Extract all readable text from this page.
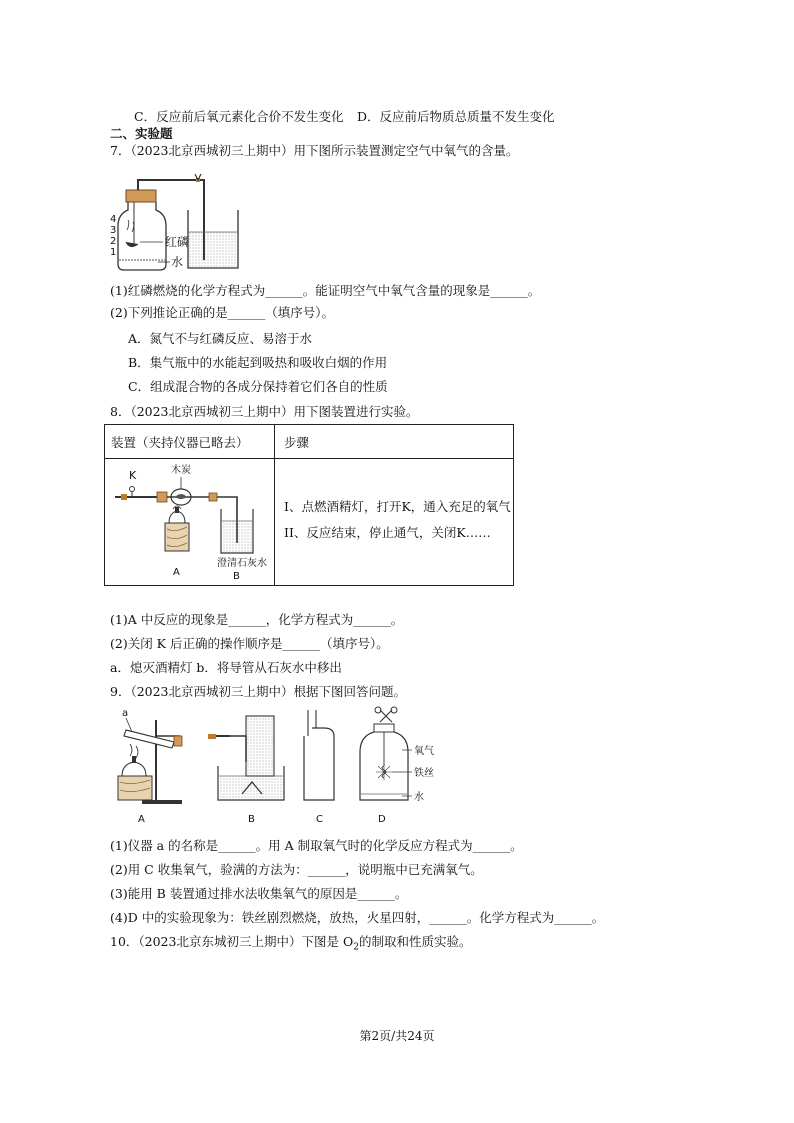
C．反应前后氧元素化合价不发生变化 D．反应前后物质总质量不发生变化
二、实验题
7．（2023北京西城初三上期中）用下图所示装置测定空气中氧气的含量。
红磷
水
4
3
2
1
(1)红磷燃烧的化学方程式为______。能证明空气中氧气含量的现象是______。
(2)下列推论正确的是______（填序号）。
A．氮气不与红磷反应、易溶于水
B．集气瓶中的水能起到吸热和吸收白烟的作用
C．组成混合物的各成分保持着它们各自的性质
8．（2023北京西城初三上期中）用下图装置进行实验。
装置（夹持仪器已略去）	步骤
K	木炭
澄清石灰水
B
A
I、点燃酒精灯，打开K，通入充足的氧气
II、反应结束，停止通气，关闭K……
(1)A 中反应的现象是______，化学方程式为______。
(2)关闭 K 后正确的操作顺序是______（填序号）。
a．熄灭酒精灯 b．将导管从石灰水中移出
9．（2023北京西城初三上期中）根据下图回答问题。
a
A	B	C
氧气
铁丝
水
D
(1)仪器 a 的名称是______。用 A 制取氧气时的化学反应方程式为______。
(2)用 C 收集氧气，验满的方法为：______，说明瓶中已充满氧气。
(3)能用 B 装置通过排水法收集氧气的原因是______。
(4)D 中的实验现象为：铁丝剧烈燃烧，放热，火星四射，______。化学方程式为______。
10．（2023北京东城初三上期中）下图是 $O_2$的制取和性质实验。
第2页/共24页
